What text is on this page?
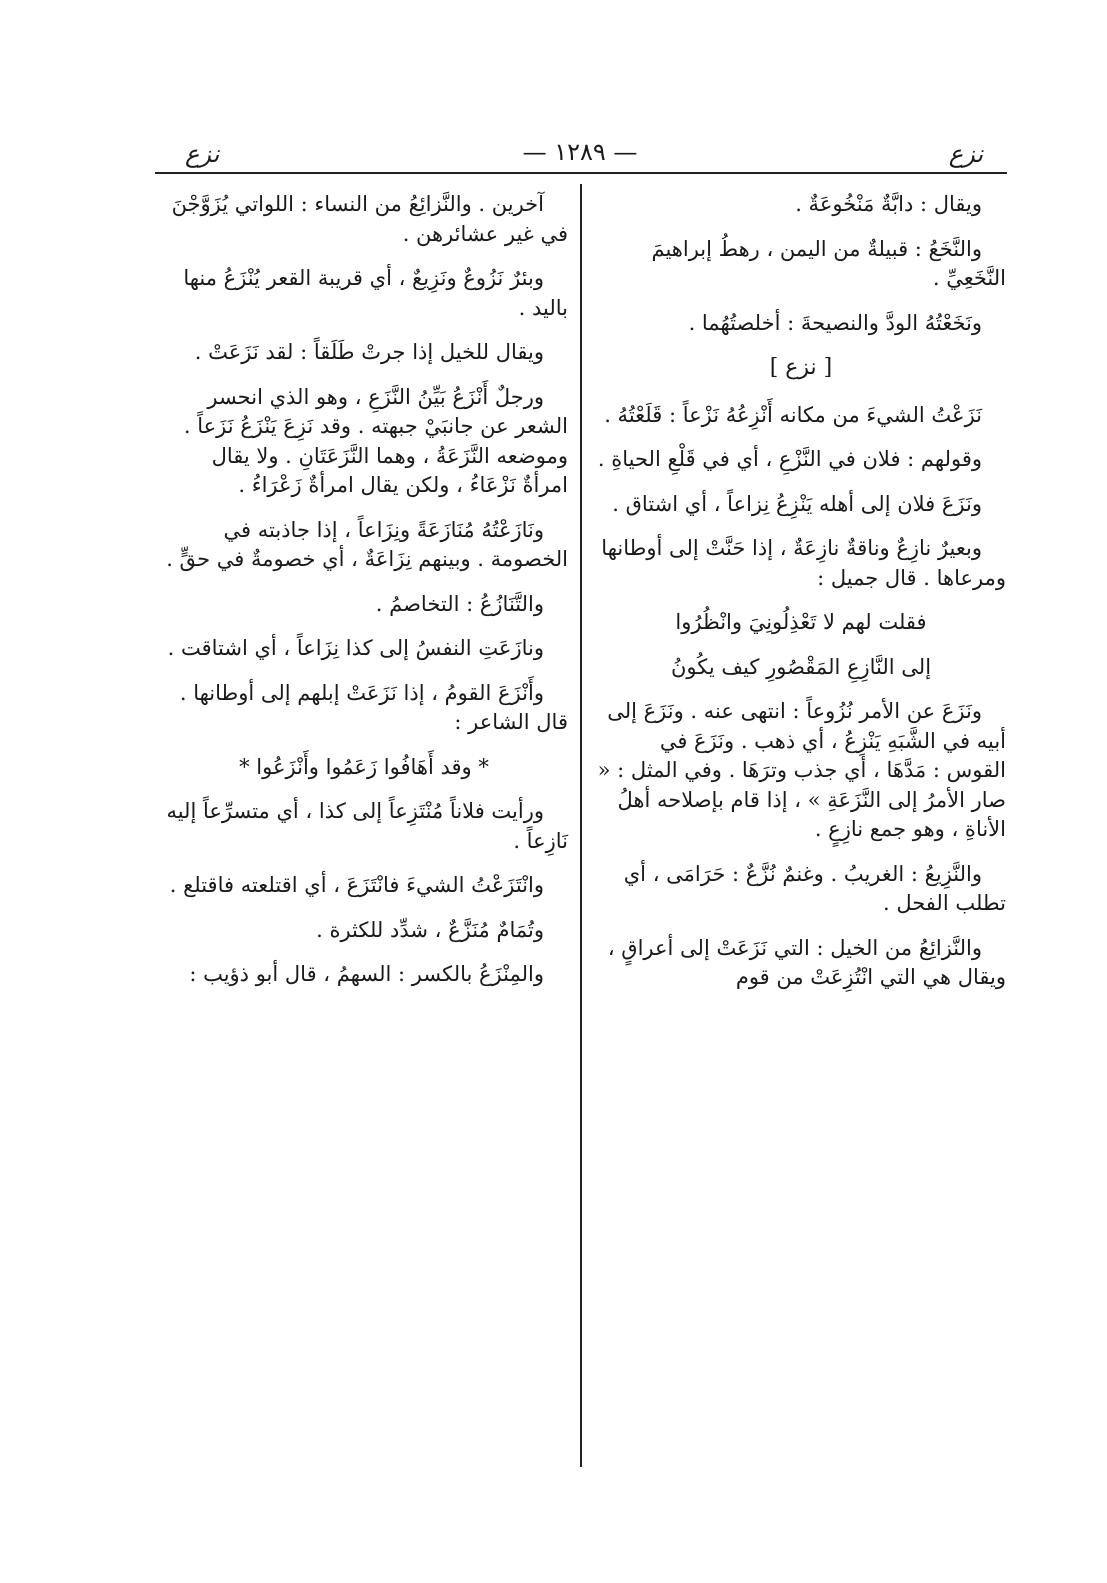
نزع
— ١٢٨٩ —
نزع

ويقال : دابَّةٌ مَنْخُوعَةٌ .

والنَّخَعُ : قبيلةٌ من اليمن ، رهطُ إبراهيمَ النَّخَعِيِّ .

ونَخَعْتُهُ الودَّ والنصيحةَ : أخلصتُهُما .

[ نزع ]

نَزَعْتُ الشيءَ من مكانه أَنْزِعُهُ نَزْعاً : قَلَعْتُهُ .

وقولهم : فلان في النَّزْعِ ، أي في قَلْعِ الحياةِ .

ونَزَعَ فلان إلى أهله يَنْزِعُ نِزاعاً ، أي اشتاق .

وبعيرٌ نازِعٌ وناقةٌ نازِعَةٌ ، إذا حَنَّتْ إلى أوطانها ومرعاها . قال جميل :

فقلت لهم لا تَعْذِلُونِيَ وانْظُرُوا

إلى النَّازِعِ المَقْصُورِ كيف يكُونُ

ونَزَعَ عن الأمر نُزُوعاً : انتهى عنه . ونَزَعَ إلى أبيه في الشَّبَهِ يَنْزِعُ ، أي ذهب . ونَزَعَ في القوس : مَدَّهَا ، أي جذب وترَهَا . وفي المثل : « صار الأمرُ إلى النَّزَعَةِ » ، إذا قام بإصلاحه أهلُ الأناةِ ، وهو جمع نازِعٍ .

والنَّزِيعُ : الغريبُ . وغنمٌ نُزَّعٌ : حَرَامَى ، أي تطلب الفحل .

والنَّزائِعُ من الخيل : التي نَزَعَتْ إلى أعراقٍ ، ويقال هي التي انْتُزِعَتْ من قوم

آخرين . والنَّزائِعُ من النساء : اللواتي يُزَوَّجْنَ في غير عشائرهن .

وبئرٌ نَزُوعٌ ونَزِيعٌ ، أي قريبة القعر يُنْزَعُ منها باليد .

ويقال للخيل إذا جرتْ طَلَقاً : لقد نَزَعَتْ .

ورجلٌ أَنْزَعُ بَيِّنُ النَّزَعِ ، وهو الذي انحسر الشعر عن جانبَيْ جبهته . وقد نَزِعَ يَنْزَعُ نَزَعاً . وموضعه النَّزَعَةُ ، وهما النَّزَعَتَانِ . ولا يقال امرأةٌ نَزْعَاءُ ، ولكن يقال امرأةٌ زَعْرَاءُ .

ونَازَعْتُهُ مُنَازَعَةً ونِزَاعاً ، إذا جاذبته في الخصومة . وبينهم نِزَاعَةٌ ، أي خصومةٌ في حقٍّ .

والتَّنَازُعُ : التخاصمُ .

ونازَعَتِ النفسُ إلى كذا نِزَاعاً ، أي اشتاقت .

وأَنْزَعَ القومُ ، إذا نَزَعَتْ إبلهم إلى أوطانها . قال الشاعر :

* وقد أَهَافُوا زَعَمُوا وأَنْزَعُوا *

ورأيت فلاناً مُنْتَزِعاً إلى كذا ، أي متسرِّعاً إليه نَازِعاً .

وانْتَزَعْتُ الشيءَ فانْتَزَعَ ، أي اقتلعته فاقتلع .

وتُمَامٌ مُنَزَّعٌ ، شدِّد للكثرة .

والمِنْزَعُ بالكسر : السهمُ ، قال أبو ذؤيب :
